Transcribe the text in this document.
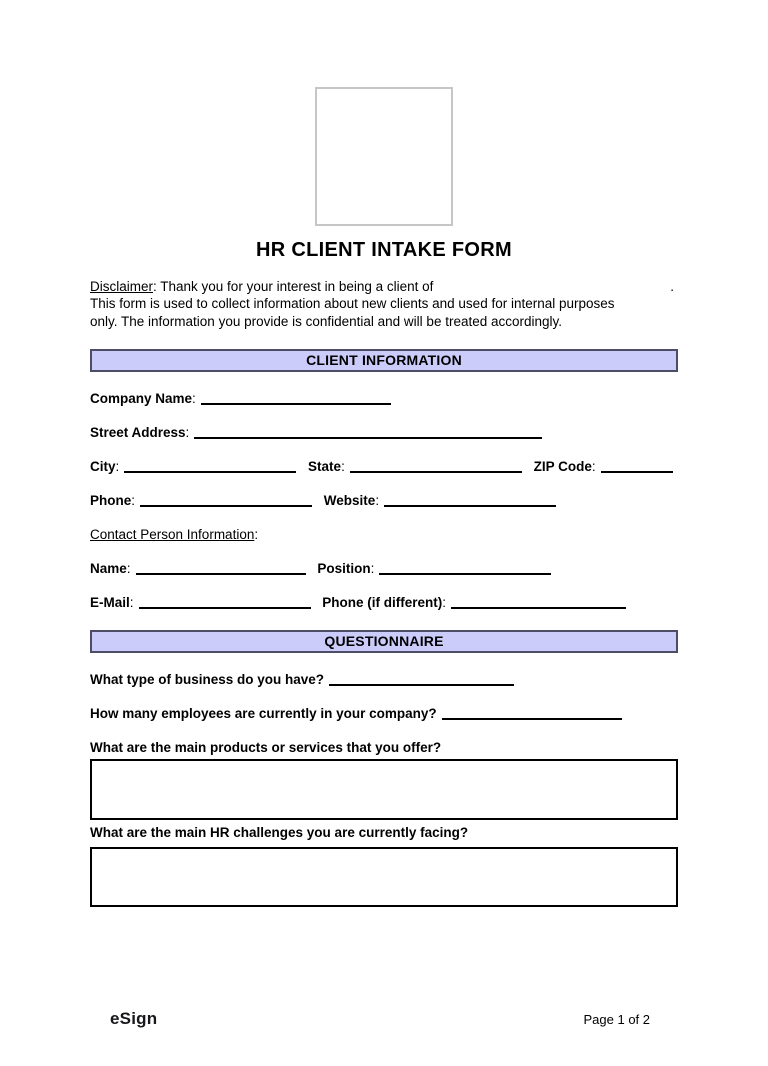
HR CLIENT INTAKE FORM
Disclaimer: Thank you for your interest in being a client of	.
This form is used to collect information about new clients and used for internal purposes
only. The information you provide is confidential and will be treated accordingly.
CLIENT INFORMATION
Company Name:
Street Address:
City:	State:	ZIP Code:
Phone:	Website:
Contact Person Information:
Name:	Position:
E-Mail:	Phone (if different):
QUESTIONNAIRE
What type of business do you have?
How many employees are currently in your company?
What are the main products or services that you offer?
What are the main HR challenges you are currently facing?
eSign	Page 1 of 2
